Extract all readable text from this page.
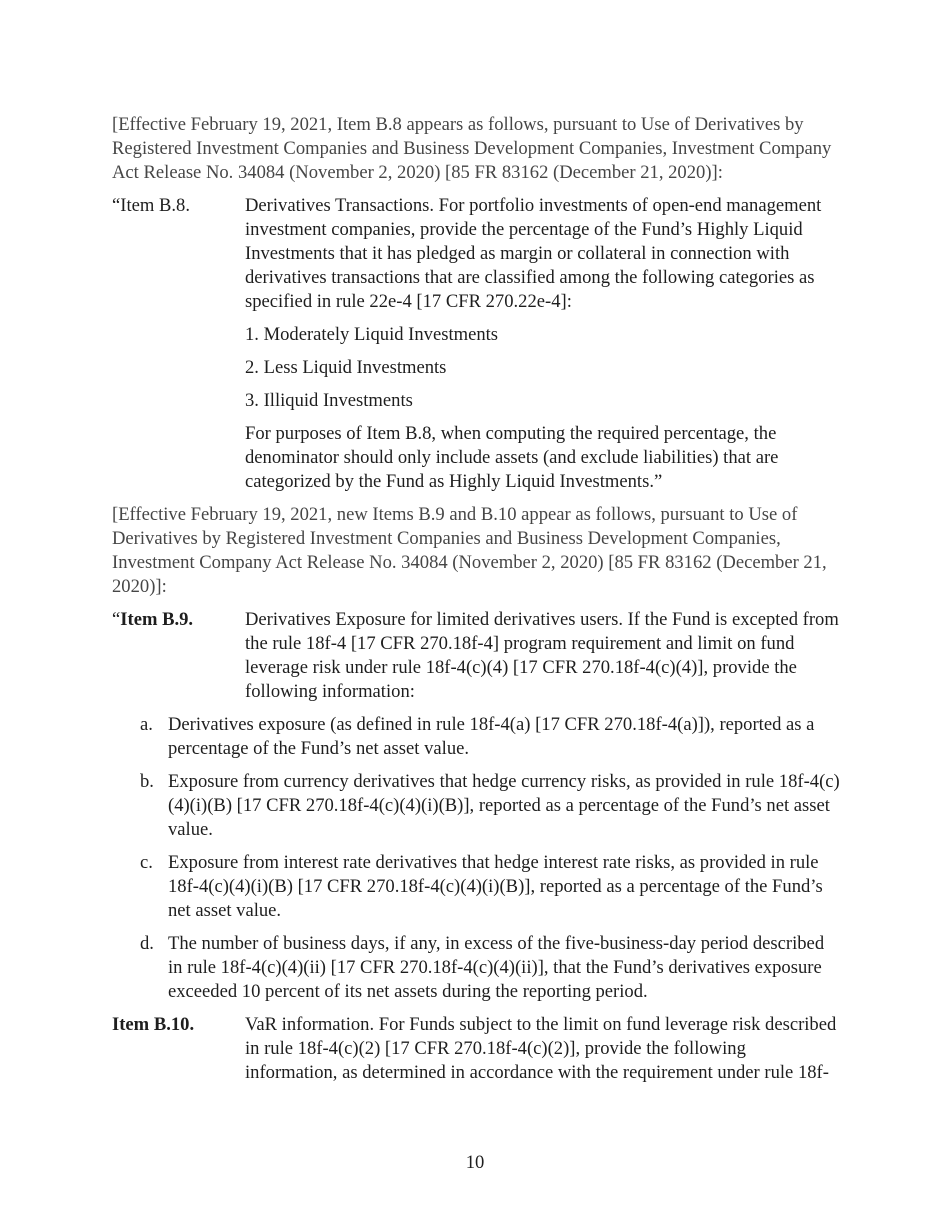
[Effective February 19, 2021, Item B.8 appears as follows, pursuant to Use of Derivatives by Registered Investment Companies and Business Development Companies, Investment Company Act Release No. 34084 (November 2, 2020) [85 FR 83162 (December 21, 2020)]:

“Item B.8.	Derivatives Transactions. For portfolio investments of open-end management investment companies, provide the percentage of the Fund’s Highly Liquid Investments that it has pledged as margin or collateral in connection with derivatives transactions that are classified among the following categories as specified in rule 22e-4 [17 CFR 270.22e-4]:

1. Moderately Liquid Investments

2. Less Liquid Investments

3. Illiquid Investments

For purposes of Item B.8, when computing the required percentage, the denominator should only include assets (and exclude liabilities) that are categorized by the Fund as Highly Liquid Investments.”

[Effective February 19, 2021, new Items B.9 and B.10 appear as follows, pursuant to Use of Derivatives by Registered Investment Companies and Business Development Companies, Investment Company Act Release No. 34084 (November 2, 2020) [85 FR 83162 (December 21, 2020)]:

“Item B.9.	Derivatives Exposure for limited derivatives users. If the Fund is excepted from the rule 18f-4 [17 CFR 270.18f-4] program requirement and limit on fund leverage risk under rule 18f-4(c)(4) [17 CFR 270.18f-4(c)(4)], provide the following information:

a. Derivatives exposure (as defined in rule 18f-4(a) [17 CFR 270.18f-4(a)]), reported as a percentage of the Fund’s net asset value.
b. Exposure from currency derivatives that hedge currency risks, as provided in rule 18f-4(c)(4)(i)(B) [17 CFR 270.18f-4(c)(4)(i)(B)], reported as a percentage of the Fund’s net asset value.
c. Exposure from interest rate derivatives that hedge interest rate risks, as provided in rule 18f-4(c)(4)(i)(B) [17 CFR 270.18f-4(c)(4)(i)(B)], reported as a percentage of the Fund’s net asset value.
d. The number of business days, if any, in excess of the five-business-day period described in rule 18f-4(c)(4)(ii) [17 CFR 270.18f-4(c)(4)(ii)], that the Fund’s derivatives exposure exceeded 10 percent of its net assets during the reporting period.
Item B.10.	VaR information. For Funds subject to the limit on fund leverage risk described in rule 18f-4(c)(2) [17 CFR 270.18f-4(c)(2)], provide the following information, as determined in accordance with the requirement under rule 18f-

10
